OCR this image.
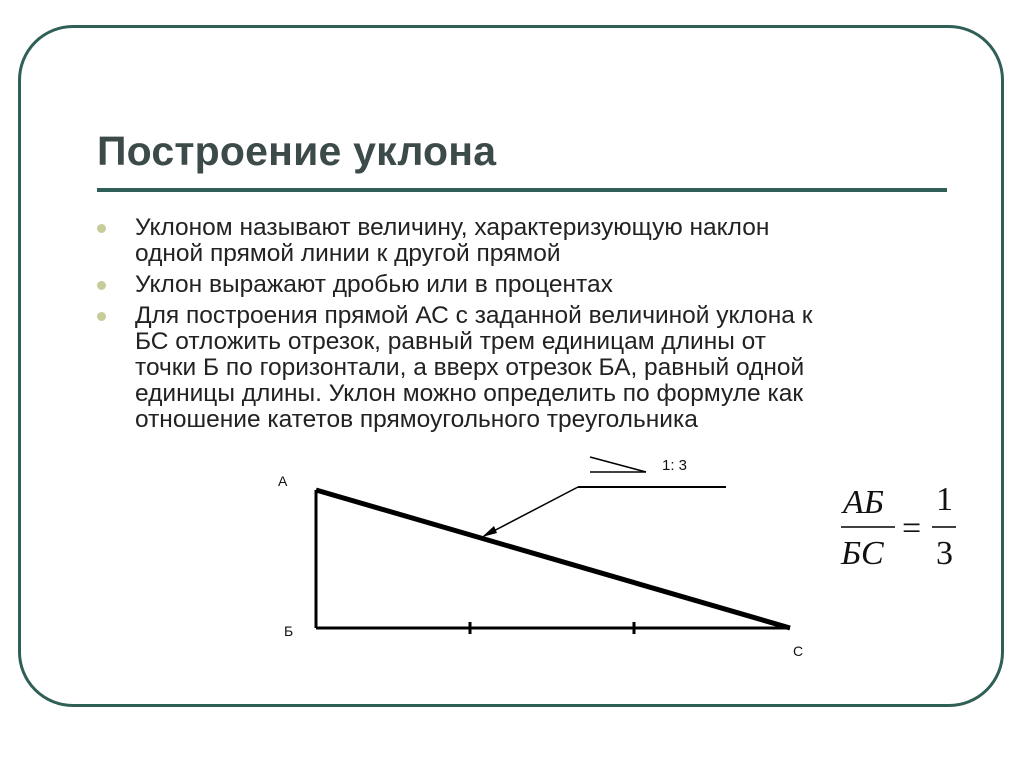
Построение уклона
Уклоном называют величину, характеризующую наклон
одной прямой линии к другой прямой
Уклон выражают дробью или в процентах
Для построения прямой АС с заданной величиной уклона к
БС отложить отрезок, равный трем единицам длины от
точки Б по горизонтали, а вверх отрезок БА, равный одной
единицы длины. Уклон можно определить по формуле как
отношение катетов прямоугольного треугольника
1: 3
А
Б
С
АБ
БС
=
1
3
